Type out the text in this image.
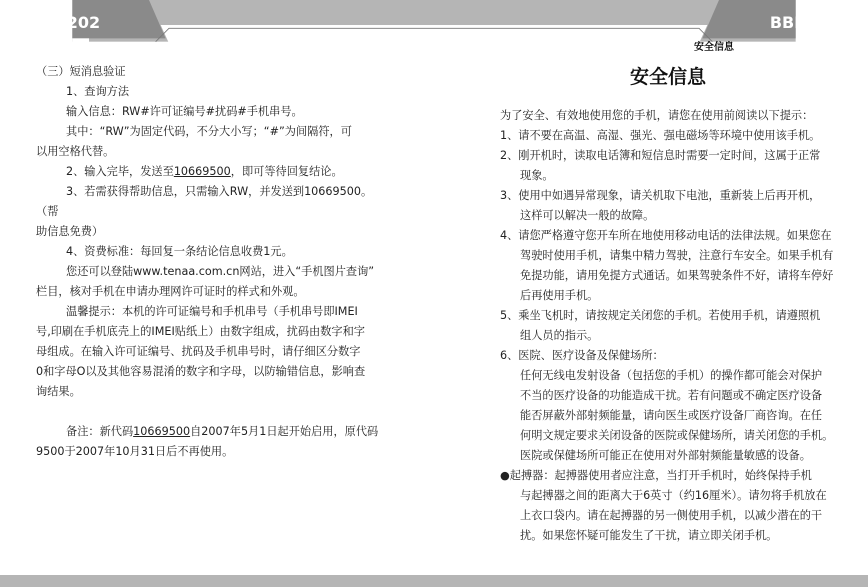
BBK K202	BBK K202
安全信息

（三）短消息验证

1、查询方法

输入信息：RW#许可证编号#扰码#手机串号。

其中：“RW”为固定代码，不分大小写；“#”为间隔符，可

以用空格代替。

2、输入完毕，发送至10669500，即可等待回复结论。

3、若需获得帮助信息，只需输入RW，并发送到10669500。（帮

助信息免费）

4、资费标准：每回复一条结论信息收费1元。

您还可以登陆www.tenaa.com.cn网站，进入“手机图片查询”

栏目，核对手机在申请办理网许可证时的样式和外观。

温馨提示：本机的许可证编号和手机串号（手机串号即IMEI

号,印刷在手机底壳上的IMEI贴纸上）由数字组成，扰码由数字和字

母组成。在输入许可证编号、扰码及手机串号时，请仔细区分数字

0和字母O以及其他容易混淆的数字和字母，以防输错信息，影响查

询结果。

备注：新代码10669500自2007年5月1日起开始启用，原代码

9500于2007年10月31日后不再使用。

安全信息

为了安全、有效地使用您的手机，请您在使用前阅读以下提示：

1、请不要在高温、高湿、强光、强电磁场等环境中使用该手机。

2、刚开机时，读取电话簿和短信息时需要一定时间，这属于正常

现象。

3、使用中如遇异常现象，请关机取下电池，重新装上后再开机，

这样可以解决一般的故障。

4、请您严格遵守您开车所在地使用移动电话的法律法规。如果您在

驾驶时使用手机，请集中精力驾驶，注意行车安全。如果手机有

免提功能，请用免提方式通话。如果驾驶条件不好，请将车停好

后再使用手机。

5、乘坐飞机时，请按规定关闭您的手机。若使用手机，请遵照机

组人员的指示。

6、医院、医疗设备及保健场所：

任何无线电发射设备（包括您的手机）的操作都可能会对保护

不当的医疗设备的功能造成干扰。若有问题或不确定医疗设备

能否屏蔽外部射频能量，请向医生或医疗设备厂商咨询。在任

何明文规定要求关闭设备的医院或保健场所，请关闭您的手机。

医院或保健场所可能正在使用对外部射频能量敏感的设备。

●起搏器：起搏器使用者应注意，当打开手机时，始终保持手机

与起搏器之间的距离大于6英寸（约16厘米）。请勿将手机放在

上衣口袋内。请在起搏器的另一侧使用手机，以减少潜在的干

扰。如果您怀疑可能发生了干扰，请立即关闭手机。
